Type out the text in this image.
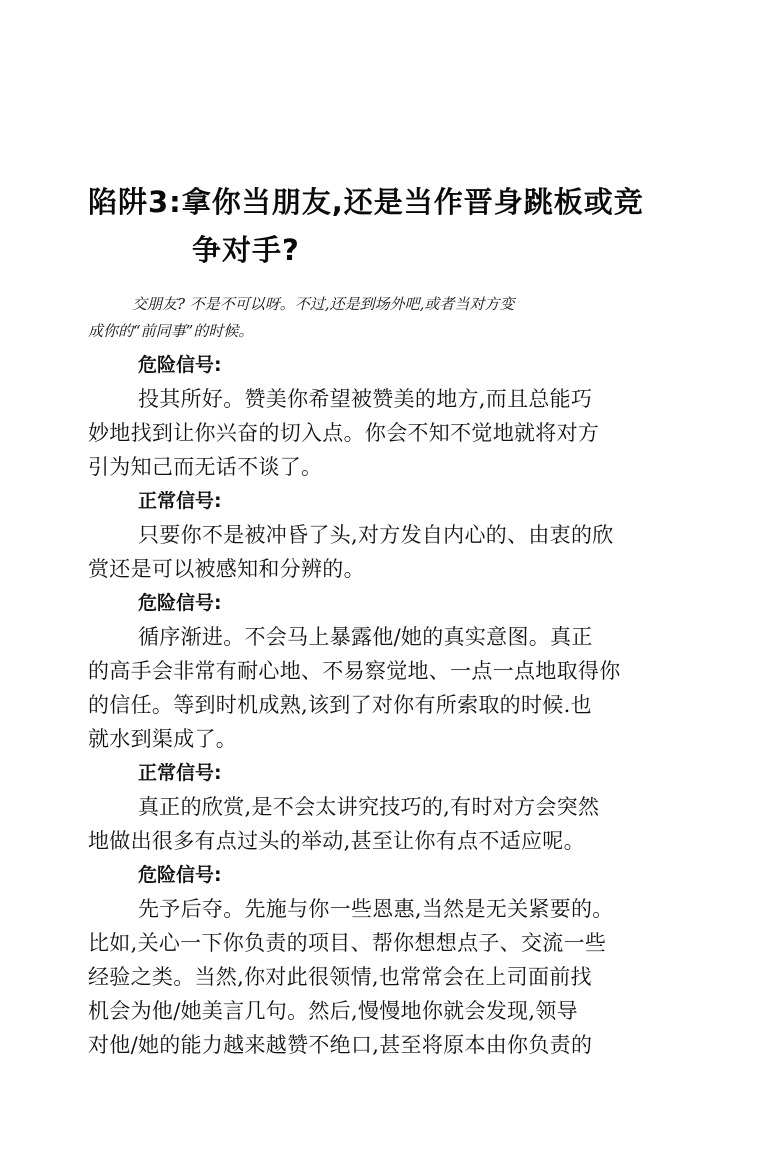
陷阱3:拿你当朋友,还是当作晋身跳板或竞
争对手?
交朋友? 不是不可以呀。不过,还是到场外吧,或者当对方变
成你的“前同事”的时候。

危险信号:

投其所好。赞美你希望被赞美的地方,而且总能巧
妙地找到让你兴奋的切入点。你会不知不觉地就将对方
引为知己而无话不谈了。

正常信号:

只要你不是被冲昏了头,对方发自内心的、由衷的欣
赏还是可以被感知和分辨的。

危险信号:

循序渐进。不会马上暴露他/她的真实意图。真正
的高手会非常有耐心地、不易察觉地、一点一点地取得你
的信任。等到时机成熟,该到了对你有所索取的时候.也
就水到渠成了。

正常信号:

真正的欣赏,是不会太讲究技巧的,有时对方会突然
地做出很多有点过头的举动,甚至让你有点不适应呢。

危险信号:

先予后夺。先施与你一些恩惠,当然是无关紧要的。
比如,关心一下你负责的项目、帮你想想点子、交流一些
经验之类。当然,你对此很领情,也常常会在上司面前找
机会为他/她美言几句。然后,慢慢地你就会发现,领导
对他/她的能力越来越赞不绝口,甚至将原本由你负责的
